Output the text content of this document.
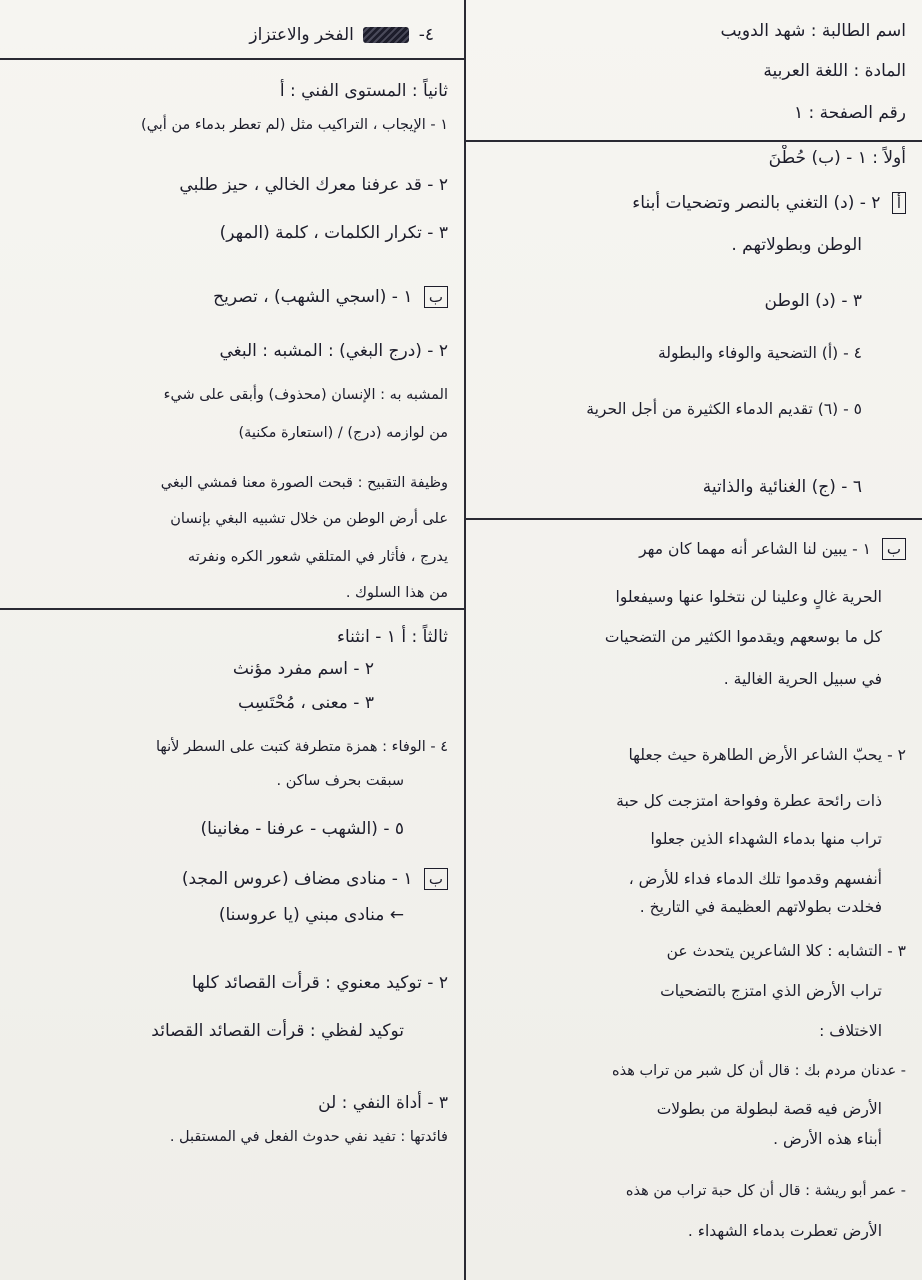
اسم الطالبة : شهد الدويب
المادة : اللغة العربية
رقم الصفحة : ١
أولاً : ١ - (ب) حُطْنَ
أ ٢ - (د) التغني بالنصر وتضحيات أبناء
الوطن وبطولاتهم .
٣ - (د) الوطن
٤ - (أ) التضحية والوفاء والبطولة
٥ - (٦) تقديم الدماء الكثيرة من أجل الحرية
٦ - (ج) الغنائية والذاتية
ب ١ - يبين لنا الشاعر أنه مهما كان مهر
الحرية غالٍ وعلينا لن نتخلوا عنها وسيفعلوا
كل ما بوسعهم ويقدموا الكثير من التضحيات
في سبيل الحرية الغالية .
٢ - يحبّ الشاعر الأرض الطاهرة حيث جعلها
ذات رائحة عطرة وفواحة امتزجت كل حبة
تراب منها بدماء الشهداء الذين جعلوا
أنفسهم وقدموا تلك الدماء فداء للأرض ،
فخلدت بطولاتهم العظيمة في التاريخ .
٣ - التشابه : كلا الشاعرين يتحدث عن
تراب الأرض الذي امتزج بالتضحيات
الاختلاف :
- عدنان مردم بك : قال أن كل شبر من تراب هذه
الأرض فيه قصة لبطولة من بطولات
أبناء هذه الأرض .
- عمر أبو ريشة : قال أن كل حبة تراب من هذه
الأرض تعطرت بدماء الشهداء .
٤-  الفخر والاعتزاز
ثانياً : المستوى الفني : أ
١ - الإيجاب ، التراكيب مثل (لم تعطر بدماء من أبي)
٢ - قد عرفنا معرك الخالي ، حيز طلبي
٣ - تكرار الكلمات ، كلمة (المهر)
ب ١ - (اسجي الشهب) ، تصريح
٢ - (درج البغي) : المشبه : البغي
المشبه به : الإنسان (محذوف) وأبقى على شيء
من لوازمه (درج) / (استعارة مكنية)
وظيفة التقبيح : قبحت الصورة معنا فمشي البغي
على أرض الوطن من خلال تشبيه البغي بإنسان
يدرج ، فأثار في المتلقي شعور الكره ونفرته
من هذا السلوك .
ثالثاً : أ ١ - انثناء
٢ - اسم مفرد مؤنث
٣ - معنى ، مُحْتَسِب
٤ - الوفاء : همزة متطرفة كتبت على السطر لأنها
سبقت بحرف ساكن .
٥ - (الشهب - عرفنا - مغانينا)
ب ١ - منادى مضاف (عروس المجد)
← منادى مبني (يا عروسنا)
٢ - توكيد معنوي : قرأت القصائد كلها
توكيد لفظي : قرأت القصائد القصائد
٣ - أداة النفي : لن
فائدتها : تفيد نفي حدوث الفعل في المستقبل .
